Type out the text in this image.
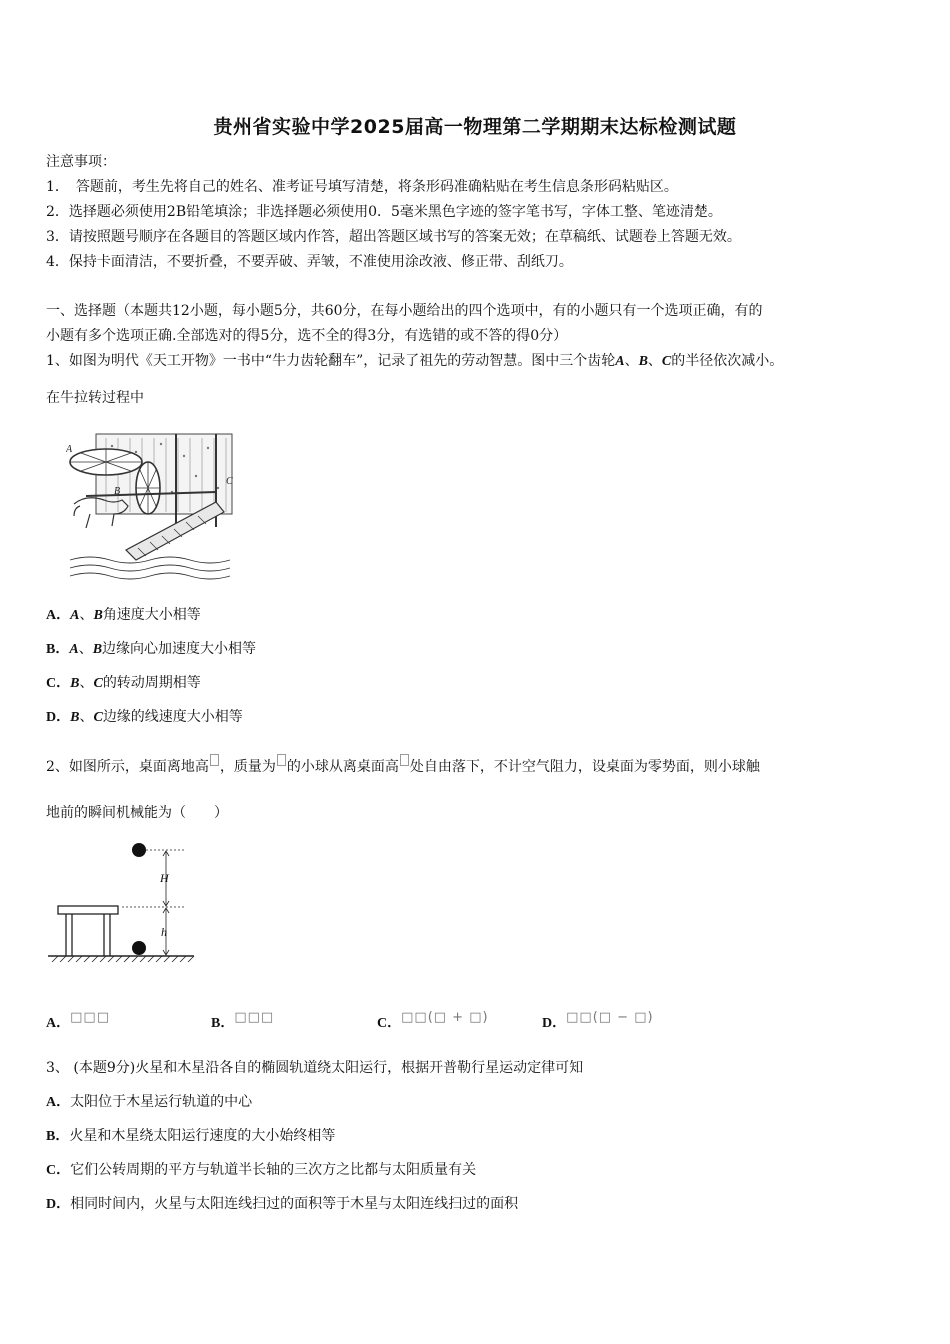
贵州省实验中学2025届高一物理第二学期期末达标检测试题
注意事项：
1．　答题前，考生先将自己的姓名、准考证号填写清楚，将条形码准确粘贴在考生信息条形码粘贴区。
2．选择题必须使用2B铅笔填涂；非选择题必须使用0．5毫米黑色字迹的签字笔书写，字体工整、笔迹清楚。
3．请按照题号顺序在各题目的答题区域内作答，超出答题区域书写的答案无效；在草稿纸、试题卷上答题无效。
4．保持卡面清洁，不要折叠，不要弄破、弄皱，不准使用涂改液、修正带、刮纸刀。
一、选择题（本题共12小题，每小题5分，共60分，在每小题给出的四个选项中，有的小题只有一个选项正确，有的
小题有多个选项正确.全部选对的得5分，选不全的得3分，有选错的或不答的得0分）
1、如图为明代《天工开物》一书中“牛力齿轮翻车”，记录了祖先的劳动智慧。图中三个齿轮A、B、C的半径依次减小。
在牛拉转过程中
A
B
C
A．A、B角速度大小相等
B．A、B边缘向心加速度大小相等
C．B、C的转动周期相等
D．B、C边缘的线速度大小相等
2、如图所示，桌面离地高 ，质量为 的小球从离桌面高 处自由落下，不计空气阻力，设桌面为零势面，则小球触
地前的瞬间机械能为（　　）
H
h
A．□□□	B．□□□	C．□□(□ + □)	D．□□(□ − □)
3、 (本题9分)火星和木星沿各自的椭圆轨道绕太阳运行，根据开普勒行星运动定律可知
A．太阳位于木星运行轨道的中心
B．火星和木星绕太阳运行速度的大小始终相等
C．它们公转周期的平方与轨道半长轴的三次方之比都与太阳质量有关
D．相同时间内，火星与太阳连线扫过的面积等于木星与太阳连线扫过的面积
